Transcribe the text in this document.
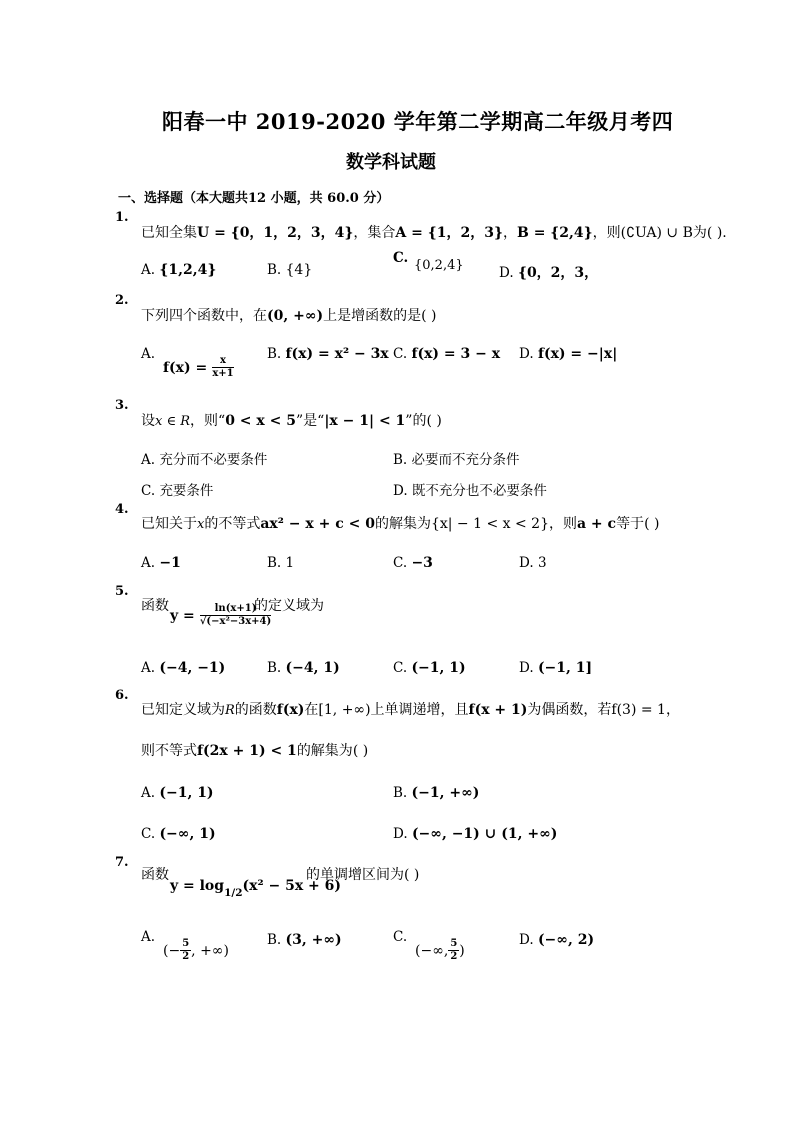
阳春一中 2019-2020 学年第二学期高二年级月考四
数学科试题
一、选择题（本大题共12 小题，共 60.0 分）
1.
已知全集U = {0，1，2，3，4}，集合A = {1，2，3}，B = {2,4}，则(∁UA) ∪ B为( ).
A. {1,2,4}	B. {4}
C. {0,2,4}	D. {0，2，3，
2.
下列四个函数中，在(0, +∞)上是增函数的是( )
A.
$f(x) = \frac{x}{x+1}$
B. f(x) = x² − 3x C. f(x) = 3 − x D. f(x) = −|x|
3.
设x ∈ R，则“0 < x < 5”是“|x − 1| < 1”的( )
A. 充分而不必要条件	B. 必要而不充分条件
C. 充要条件	D. 既不充分也不必要条件
4.
已知关于x的不等式ax² − x + c < 0的解集为{x| − 1 < x < 2}，则a + c等于( )
A. −1	B. 1	C. −3	D. 3
5.
函数
$y = \frac{\ln(x+1)}{\text{√(−x²−3x+4)}}$
的定义域为
A. (−4, −1)	B. (−4, 1)	C. (−1, 1)	D. (−1, 1]
6.
已知定义域为R的函数f(x)在[1, +∞)上单调递增，且f(x + 1)为偶函数，若f(3) = 1，
则不等式f(2x + 1) < 1的解集为( )
A. (−1, 1)	B. (−1, +∞)
C. (−∞, 1)	D. (−∞, −1) ∪ (1, +∞)
7.
函数
$y = \log_{1/2}(x^2 - 5x + 6)$
的单调增区间为( )
A.
(− $\frac{5}{2}$ , +∞)
B. (3, +∞)	C.
(−∞, $\frac{5}{2}$ )
D. (−∞, 2)
